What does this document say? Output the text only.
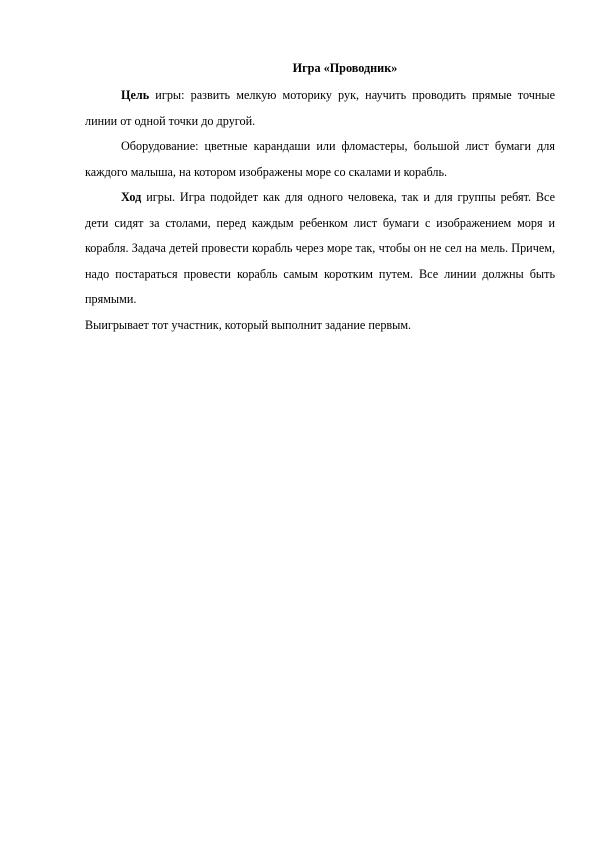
Игра «Проводник»

Цель игры: развить мелкую моторику рук, научить проводить прямые точные линии от одной точки до другой.

Оборудование: цветные карандаши или фломастеры, большой лист бумаги для каждого малыша, на котором изображены море со скалами и корабль.

Ход игры. Игра подойдет как для одного человека, так и для группы ребят. Все дети сидят за столами, перед каждым ребенком лист бумаги с изображением моря и корабля. Задача детей провести корабль через море так, чтобы он не сел на мель. Причем, надо постараться провести корабль самым коротким путем. Все линии должны быть прямыми.

Выигрывает тот участник, который выполнит задание первым.
